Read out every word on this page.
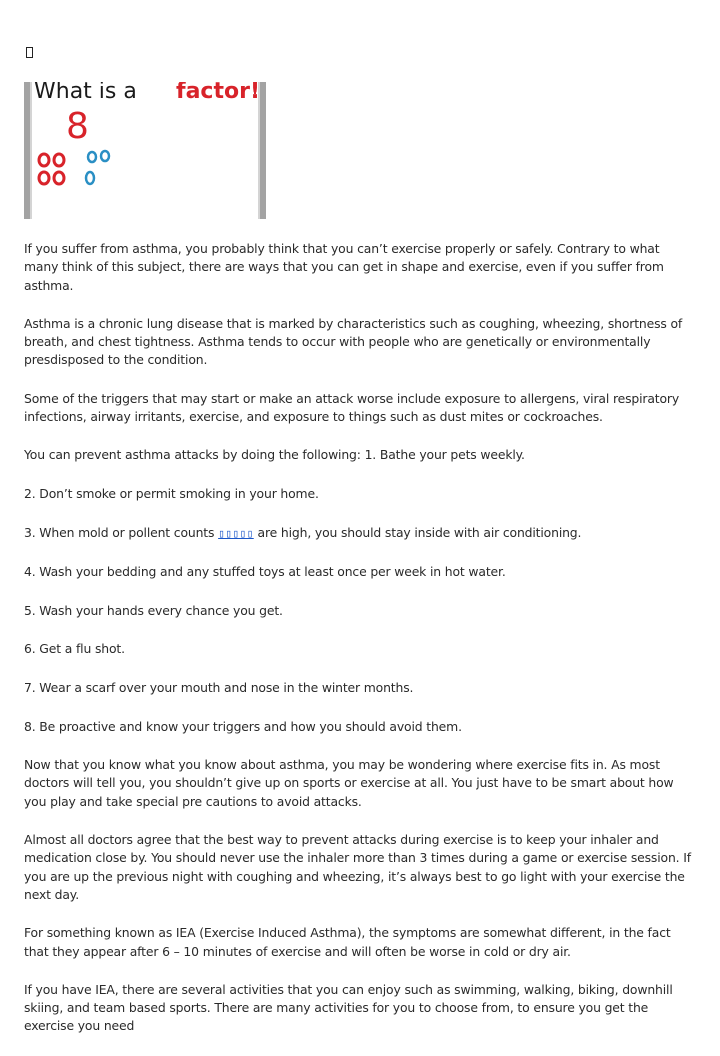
What is a factor!
8

If you suffer from asthma, you probably think that you can’t exercise properly or safely. Contrary to what many think of this subject, there are ways that you can get in shape and exercise, even if you suffer from asthma.

Asthma is a chronic lung disease that is marked by characteristics such as coughing, wheezing, shortness of breath, and chest tightness. Asthma tends to occur with people who are genetically or environmentally presdisposed to the condition.

Some of the triggers that may start or make an attack worse include exposure to allergens, viral respiratory infections, airway irritants, exercise, and exposure to things such as dust mites or cockroaches.

You can prevent asthma attacks by doing the following: 1. Bathe your pets weekly.

2. Don’t smoke or permit smoking in your home.

3. When mold or pollent counts ▯▯▯▯▯ are high, you should stay inside with air conditioning.

4. Wash your bedding and any stuffed toys at least once per week in hot water.

5. Wash your hands every chance you get.

6. Get a flu shot.

7. Wear a scarf over your mouth and nose in the winter months.

8. Be proactive and know your triggers and how you should avoid them.

Now that you know what you know about asthma, you may be wondering where exercise fits in. As most doctors will tell you, you shouldn’t give up on sports or exercise at all. You just have to be smart about how you play and take special pre cautions to avoid attacks.

Almost all doctors agree that the best way to prevent attacks during exercise is to keep your inhaler and medication close by. You should never use the inhaler more than 3 times during a game or exercise session. If you are up the previous night with coughing and wheezing, it’s always best to go light with your exercise the next day.

For something known as IEA (Exercise Induced Asthma), the symptoms are somewhat different, in the fact that they appear after 6 – 10 minutes of exercise and will often be worse in cold or dry air.

If you have IEA, there are several activities that you can enjoy such as swimming, walking, biking, downhill skiing, and team based sports. There are many activities for you to choose from, to ensure you get the exercise you need
